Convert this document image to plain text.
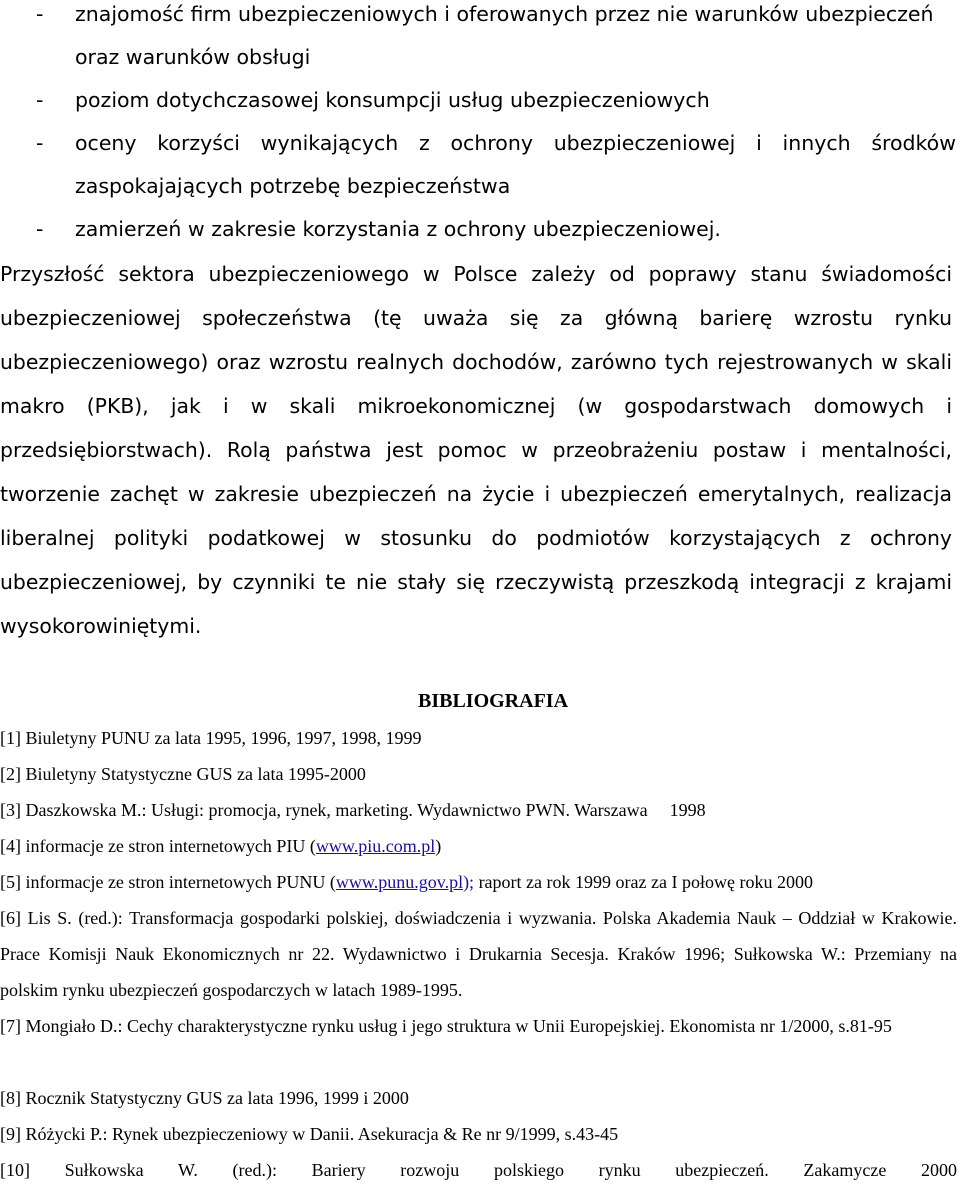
- znajomość firm ubezpieczeniowych i oferowanych przez nie warunków ubezpieczeń
oraz warunków obsługi
- poziom dotychczasowej konsumpcji usług ubezpieczeniowych
- oceny korzyści wynikających z ochrony ubezpieczeniowej i innych środków
zaspokajających potrzebę bezpieczeństwa
- zamierzeń w zakresie korzystania z ochrony ubezpieczeniowej.

Przyszłość sektora ubezpieczeniowego w Polsce zależy od poprawy stanu świadomości ubezpieczeniowej społeczeństwa (tę uważa się za główną barierę wzrostu rynku ubezpieczeniowego) oraz wzrostu realnych dochodów, zarówno tych rejestrowanych w skali makro (PKB), jak i w skali mikroekonomicznej (w gospodarstwach domowych i przedsiębiorstwach). Rolą państwa jest pomoc w przeobrażeniu postaw i mentalności, tworzenie zachęt w zakresie ubezpieczeń na życie i ubezpieczeń emerytalnych, realizacja liberalnej polityki podatkowej w stosunku do podmiotów korzystających z ochrony ubezpieczeniowej, by czynniki te nie stały się rzeczywistą przeszkodą integracji z krajami wysokorowiniętymi.

BIBLIOGRAFIA

[1] Biuletyny PUNU za lata 1995, 1996, 1997, 1998, 1999

[2] Biuletyny Statystyczne GUS za lata 1995-2000

[3] Daszkowska M.: Usługi: promocja, rynek, marketing. Wydawnictwo PWN. Warszawa 1998

[4] informacje ze stron internetowych PIU (www.piu.com.pl)

[5] informacje ze stron internetowych PUNU (www.punu.gov.pl); raport za rok 1999 oraz za I połowę roku 2000

[6] Lis S. (red.): Transformacja gospodarki polskiej, doświadczenia i wyzwania. Polska Akademia Nauk – Oddział w Krakowie. Prace Komisji Nauk Ekonomicznych nr 22. Wydawnictwo i Drukarnia Secesja. Kraków 1996; Sułkowska W.: Przemiany na polskim rynku ubezpieczeń gospodarczych w latach 1989-1995.

[7] Mongiało D.: Cechy charakterystyczne rynku usług i jego struktura w Unii Europejskiej. Ekonomista nr 1/2000, s.81-95

[8] Rocznik Statystyczny GUS za lata 1996, 1999 i 2000

[9] Różycki P.: Rynek ubezpieczeniowy w Danii. Asekuracja & Re nr 9/1999, s.43-45

[10] Sułkowska W. (red.): Bariery rozwoju polskiego rynku ubezpieczeń. Zakamycze 2000
